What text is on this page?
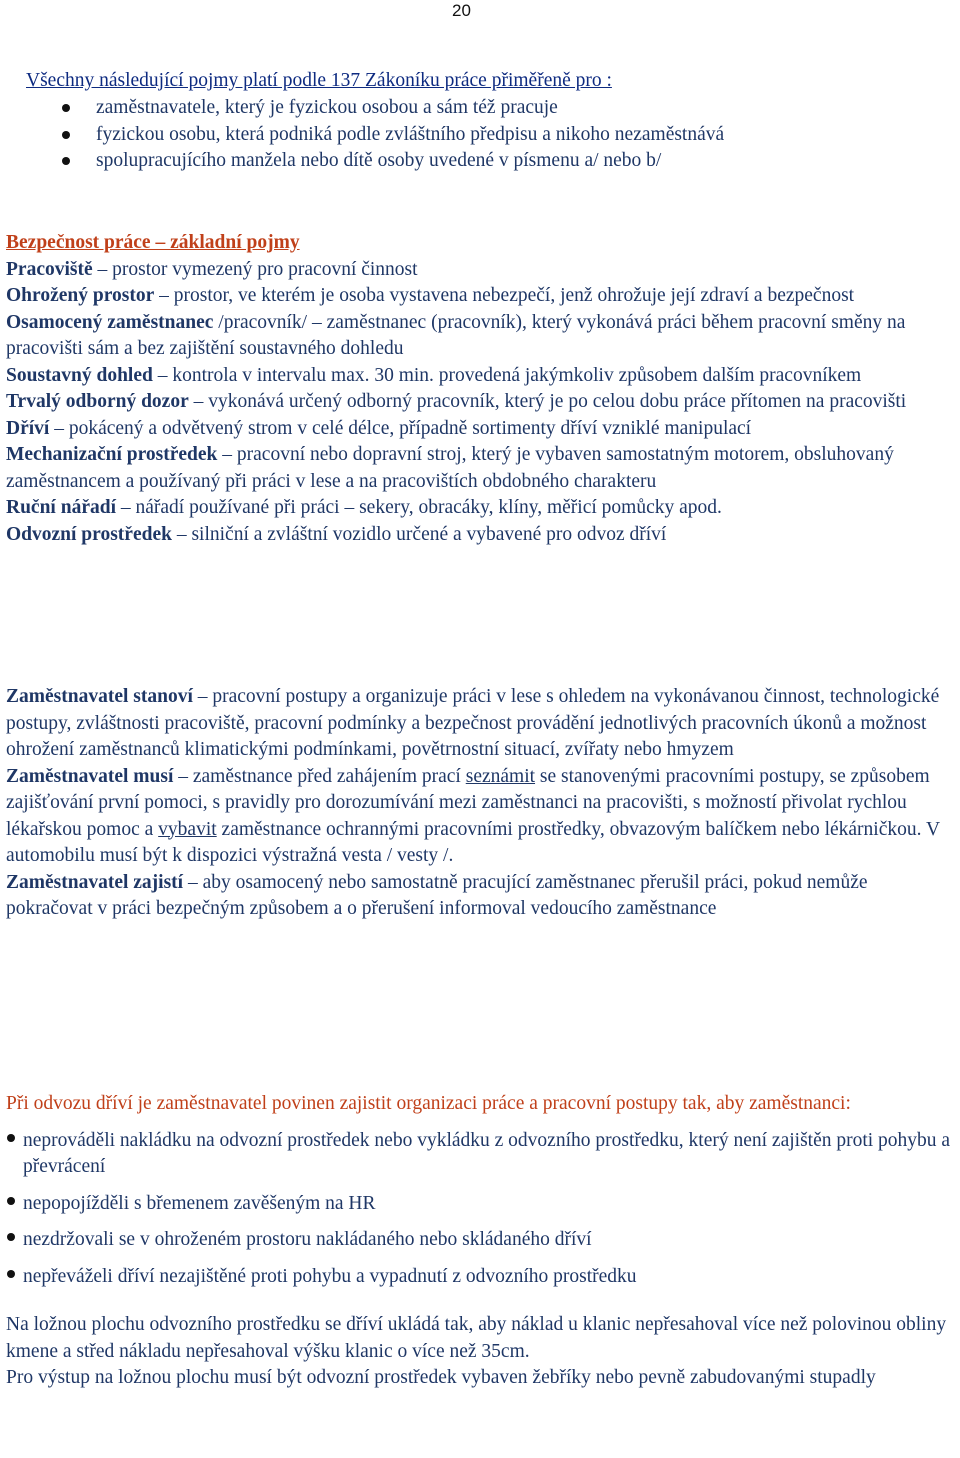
20
Všechny následující pojmy platí podle 137 Zákoníku práce přiměřeně pro :
zaměstnavatele, který je fyzickou osobou a sám též pracuje
fyzickou osobu, která podniká podle zvláštního předpisu a nikoho nezaměstnává
spolupracujícího manžela nebo dítě osoby uvedené v písmenu a/ nebo b/

Bezpečnost práce – základní pojmy

Pracoviště – prostor vymezený pro pracovní činnost

Ohrožený prostor – prostor, ve kterém je osoba vystavena nebezpečí, jenž ohrožuje její zdraví a bezpečnost

Osamocený zaměstnanec /pracovník/ – zaměstnanec (pracovník), který vykonává práci během pracovní směny na pracovišti sám a bez zajištění soustavného dohledu

Soustavný dohled – kontrola v intervalu max. 30 min. provedená jakýmkoliv způsobem dalším pracovníkem

Trvalý odborný dozor – vykonává určený odborný pracovník, který je po celou dobu práce přítomen na pracovišti

Dříví – pokácený a odvětvený strom v celé délce, případně sortimenty dříví vzniklé manipulací

Mechanizační prostředek – pracovní nebo dopravní stroj, který je vybaven samostatným motorem, obsluhovaný zaměstnancem a používaný při práci v lese a na pracovištích obdobného charakteru

Ruční nářadí – nářadí používané při práci – sekery, obracáky, klíny, měřicí pomůcky apod.

Odvozní prostředek – silniční a zvláštní vozidlo určené a vybavené pro odvoz dříví

Zaměstnavatel stanoví – pracovní postupy a organizuje práci v lese s ohledem na vykonávanou činnost, technologické postupy, zvláštnosti pracoviště, pracovní podmínky a bezpečnost provádění jednotlivých pracovních úkonů a možnost ohrožení zaměstnanců klimatickými podmínkami, povětrnostní situací, zvířaty nebo hmyzem

Zaměstnavatel musí – zaměstnance před zahájením prací seznámit se stanovenými pracovními postupy, se způsobem zajišťování první pomoci, s pravidly pro dorozumívání mezi zaměstnanci na pracovišti, s možností přivolat rychlou lékařskou pomoc a vybavit zaměstnance ochrannými pracovními prostředky, obvazovým balíčkem nebo lékárničkou. V automobilu musí být k dispozici výstražná vesta / vesty /.

Zaměstnavatel zajistí – aby osamocený nebo samostatně pracující zaměstnanec přerušil práci, pokud nemůže pokračovat v práci bezpečným způsobem a o přerušení informoval vedoucího zaměstnance

Při odvozu dříví je zaměstnavatel povinen zajistit organizaci práce a pracovní postupy tak, aby zaměstnanci:

neprováděli nakládku na odvozní prostředek nebo vykládku z odvozního prostředku, který není zajištěn proti pohybu a převrácení
nepopojížděli s břemenem zavěšeným na HR
nezdržovali se v ohroženém prostoru nakládaného nebo skládaného dříví
nepřeváželi dříví nezajištěné proti pohybu a vypadnutí z odvozního prostředku

Na ložnou plochu odvozního prostředku se dříví ukládá tak, aby náklad u klanic nepřesahoval více než polovinou obliny kmene a střed nákladu nepřesahoval výšku klanic o více než 35cm.

Pro výstup na ložnou plochu musí být odvozní prostředek vybaven žebříky nebo pevně zabudovanými stupadly
